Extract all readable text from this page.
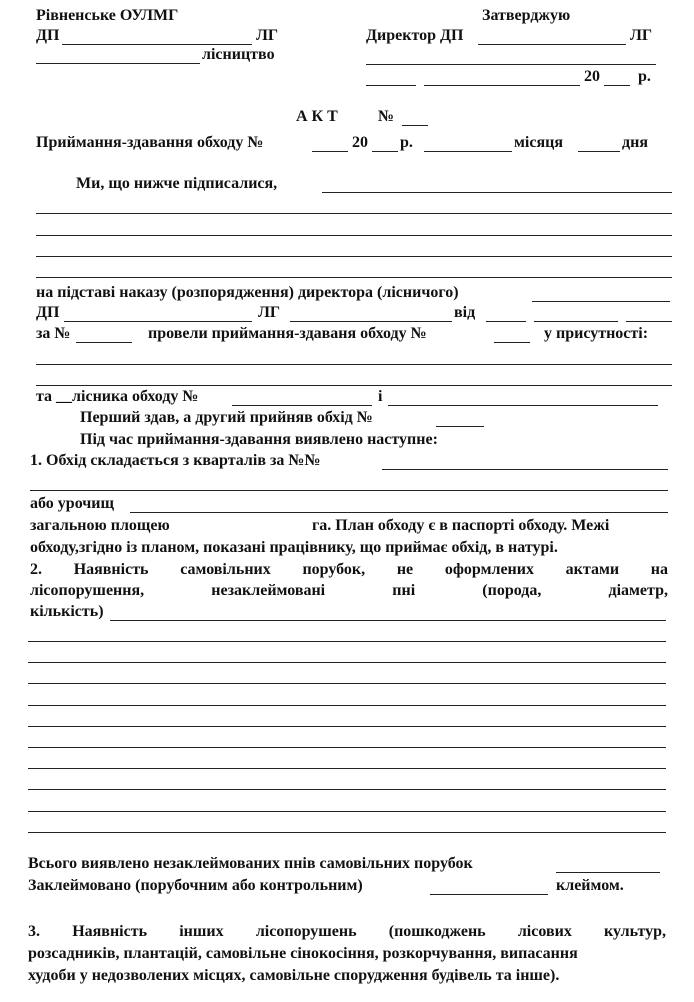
Рівненське ОУЛМГ	Затверджую
ДП	ЛГ	Директор ДП	ЛГ
лісництво
20 р.
А К Т	№
Приймання-здавання обходу №	20 р.	місяця	дня
Ми, що нижче підписалися,
на підставі наказу (розпорядження) директора (лісничого)
ДП	ЛГ	від
за №	провели приймання-здаваня обходу №	у присутності:
та __лісника обходу №	і
Перший здав, а другий прийняв обхід №
Під час приймання-здавання виявлено наступне:
1. Обхід складається з кварталів за №№
або урочищ
загальною площею	га. План обходу є в паспорті обходу. Межі
обходу,згідно із планом, показані працівнику, що приймає обхід, в натурі.
2. Наявність самовільних порубок, не оформлених актами на
лісопорушення,	незаклеймовані	пні	(порода,	діаметр,
кількість)
Всього виявлено незаклеймованих пнів самовільних порубок
Заклеймовано (порубочним або контрольним)	клеймом.
3. Наявність інших лісопорушень (пошкоджень лісових культур,
розсадників, плантацій, самовільне сінокосіння, розкорчування, випасання
худоби у недозволених місцях, самовільне спорудження будівель та інше).
